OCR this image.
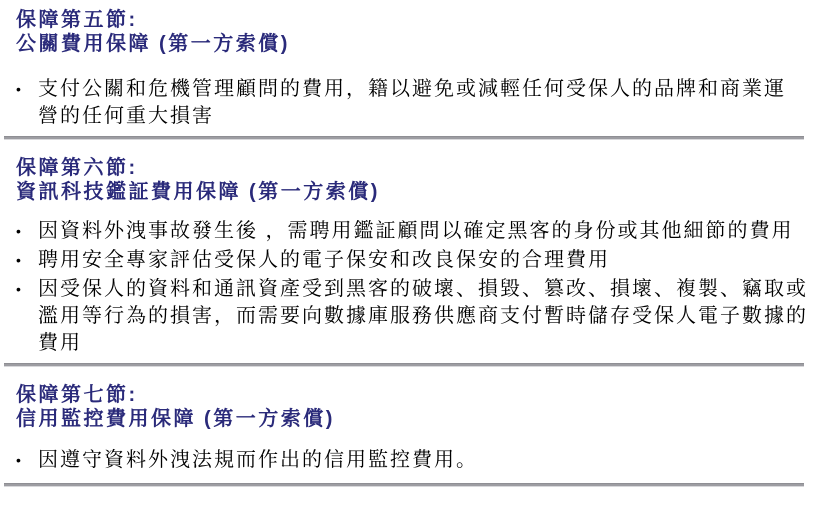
保障第五節:
公關費用保障 (第一方索償)
• 支付公關和危機管理顧問的費用，籍以避免或減輕任何受保人的品牌和商業運營的任何重大損害
保障第六節:
資訊科技鑑証費用保障 (第一方索償)
• 因資料外洩事故發生後 ，需聘用鑑証顧問以確定黑客的身份或其他細節的費用
• 聘用安全專家評估受保人的電子保安和改良保安的合理費用
• 因受保人的資料和通訊資產受到黑客的破壞、損毀、篡改、損壞、複製、竊取或濫用等行為的損害，而需要向數據庫服務供應商支付暫時儲存受保人電子數據的費用
保障第七節:
信用監控費用保障 (第一方索償)
• 因遵守資料外洩法規而作出的信用監控費用。
